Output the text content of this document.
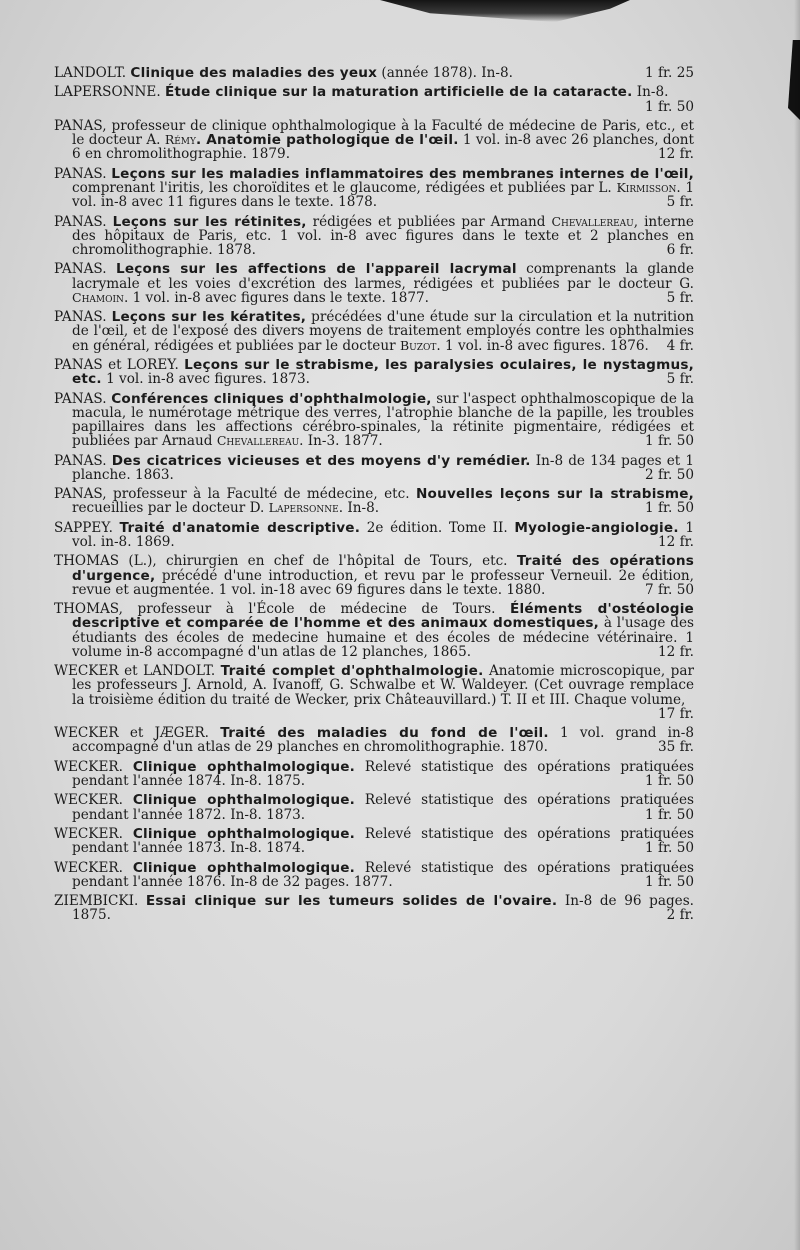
LANDOLT. Clinique des maladies des yeux (année 1878). In-8.	1 fr. 25

LAPERSONNE. Étude clinique sur la maturation artificielle de la cataracte. In-8.
1 fr. 50

PANAS, professeur de clinique ophthalmologique à la Faculté de médecine de Paris, etc., et le docteur A. Rémy. Anatomie pathologique de l'œil. 1 vol. in-8 avec 26 planches, dont 6 en chromolithographie. 1879.	12 fr.

PANAS. Leçons sur les maladies inflammatoires des membranes internes de l'œil, comprenant l'iritis, les choroïdites et le glaucome, rédigées et publiées par L. Kirmisson. 1 vol. in-8 avec 11 figures dans le texte. 1878.	5 fr.

PANAS. Leçons sur les rétinites, rédigées et publiées par Armand Chevallereau, interne des hôpitaux de Paris, etc. 1 vol. in-8 avec figures dans le texte et 2 planches en chromolithographie. 1878.	6 fr.

PANAS. Leçons sur les affections de l'appareil lacrymal comprenants la glande lacrymale et les voies d'excrétion des larmes, rédigées et publiées par le docteur G. Chamoin. 1 vol. in-8 avec figures dans le texte. 1877.	5 fr.

PANAS. Leçons sur les kératites, précédées d'une étude sur la circulation et la nutrition de l'œil, et de l'exposé des divers moyens de traitement employés contre les ophthalmies en général, rédigées et publiées par le docteur Buzot. 1 vol. in-8 avec figures. 1876. 4 fr.

PANAS et LOREY. Leçons sur le strabisme, les paralysies oculaires, le nystagmus, etc. 1 vol. in-8 avec figures. 1873.	5 fr.

PANAS. Conférences cliniques d'ophthalmologie, sur l'aspect ophthalmoscopique de la macula, le numérotage métrique des verres, l'atrophie blanche de la papille, les troubles papillaires dans les affections cérébro-spinales, la rétinite pigmentaire, rédigées et publiées par Arnaud Chevallereau. In-3. 1877.	1 fr. 50

PANAS. Des cicatrices vicieuses et des moyens d'y remédier. In-8 de 134 pages et 1 planche. 1863.	2 fr. 50

PANAS, professeur à la Faculté de médecine, etc. Nouvelles leçons sur la strabisme, recueillies par le docteur D. Lapersonne. In-8.	1 fr. 50

SAPPEY. Traité d'anatomie descriptive. 2e édition. Tome II. Myologie-angiologie. 1 vol. in-8. 1869.	12 fr.

THOMAS (L.), chirurgien en chef de l'hôpital de Tours, etc. Traité des opérations d'urgence, précédé d'une introduction, et revu par le professeur Verneuil. 2e édition, revue et augmentée. 1 vol. in-18 avec 69 figures dans le texte. 1880.	7 fr. 50

THOMAS, professeur à l'École de médecine de Tours. Éléments d'ostéologie descriptive et comparée de l'homme et des animaux domestiques, à l'usage des étudiants des écoles de medecine humaine et des écoles de médecine vétérinaire. 1 volume in-8 accompagné d'un atlas de 12 planches, 1865.	12 fr.

WECKER et LANDOLT. Traité complet d'ophthalmologie. Anatomie microscopique, par les professeurs J. Arnold, A. Ivanoff, G. Schwalbe et W. Waldeyer. (Cet ouvrage remplace la troisième édition du traité de Wecker, prix Châteauvillard.) T. II et III. Chaque volume,
17 fr.

WECKER et JÆGER. Traité des maladies du fond de l'œil. 1 vol. grand in-8 accompagné d'un atlas de 29 planches en chromolithographie. 1870.	35 fr.

WECKER. Clinique ophthalmologique. Relevé statistique des opérations pratiquées pendant l'année 1874. In-8. 1875.	1 fr. 50

WECKER. Clinique ophthalmologique. Relevé statistique des opérations pratiquées pendant l'année 1872. In-8. 1873.	1 fr. 50

WECKER. Clinique ophthalmologique. Relevé statistique des opérations pratiquées pendant l'année 1873. In-8. 1874.	1 fr. 50

WECKER. Clinique ophthalmologique. Relevé statistique des opérations pratiquées pendant l'année 1876. In-8 de 32 pages. 1877.	1 fr. 50

ZIEMBICKI. Essai clinique sur les tumeurs solides de l'ovaire. In-8 de 96 pages. 1875.	2 fr.
